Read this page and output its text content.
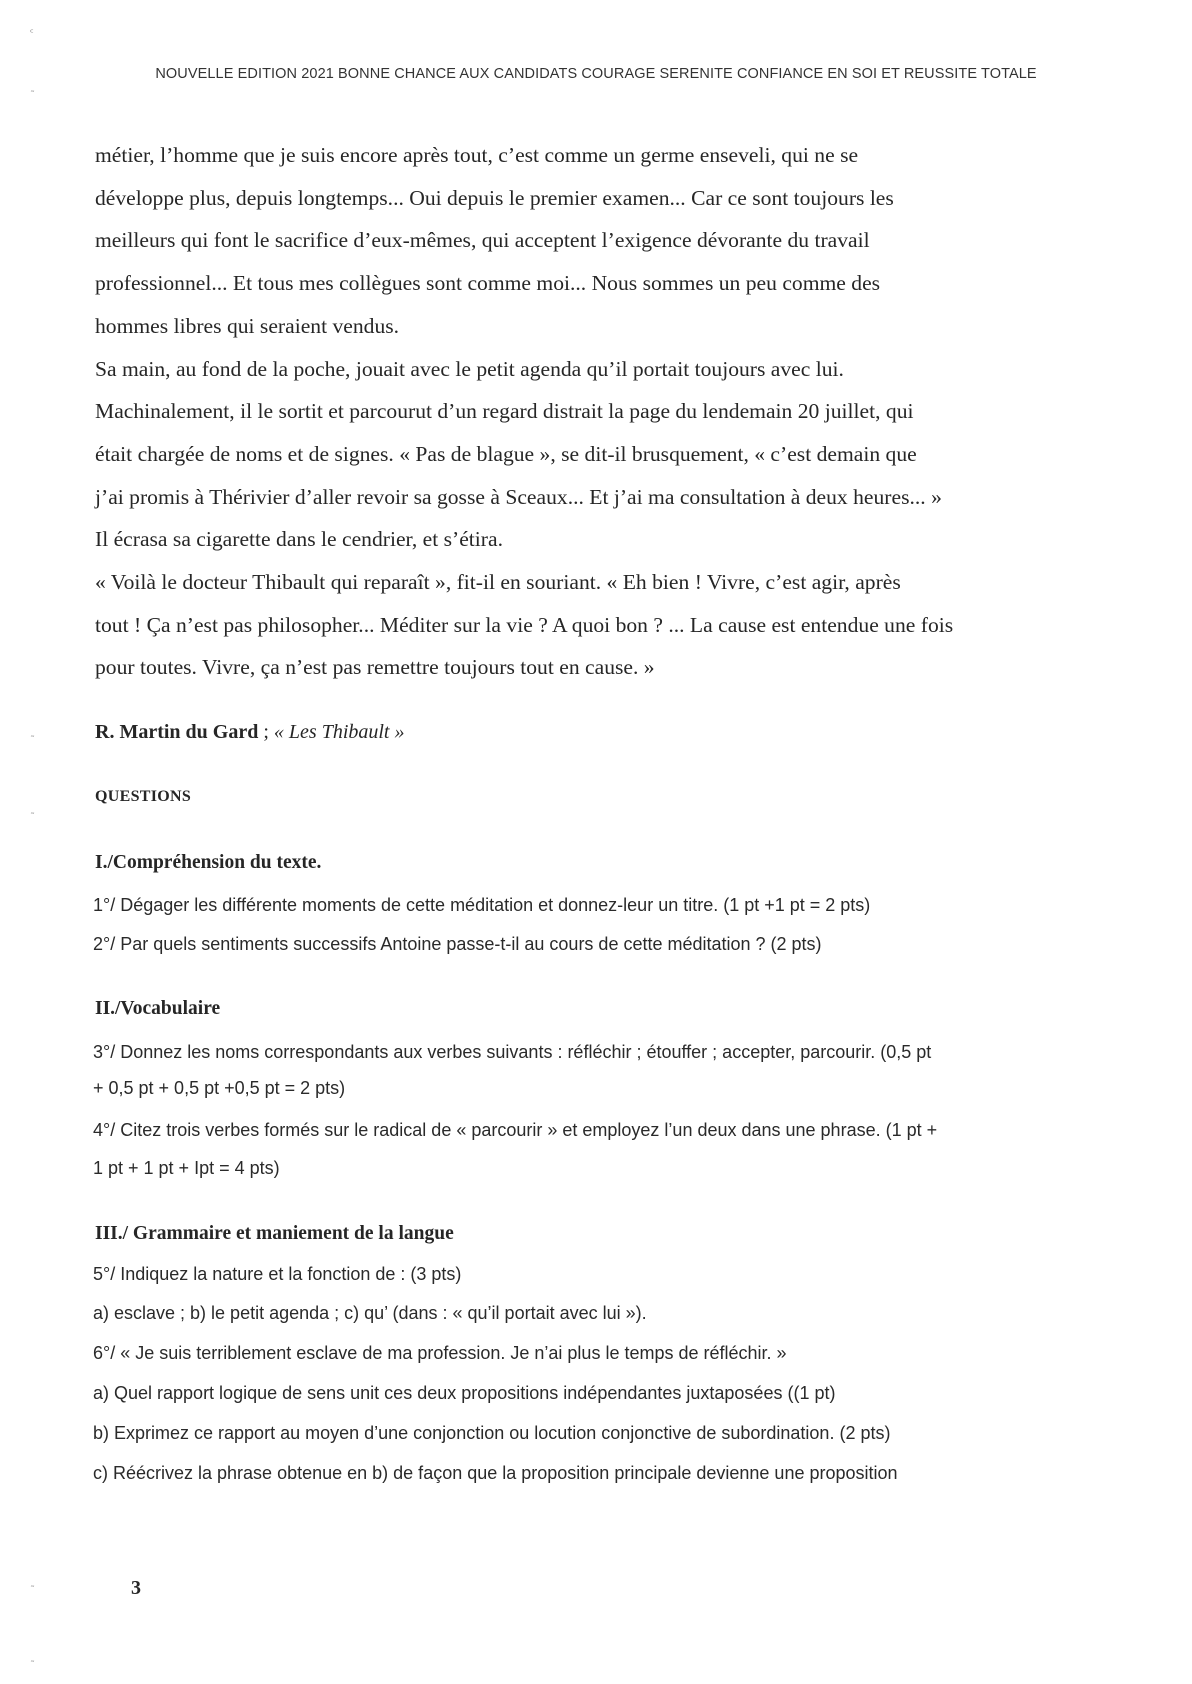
NOUVELLE EDITION 2021 BONNE CHANCE AUX CANDIDATS COURAGE SERENITE CONFIANCE EN SOI ET REUSSITE TOTALE
ᶜ
˜
˜
˜
˜
˜
métier, l’homme que je suis encore après tout, c’est comme un germe enseveli, qui ne se
développe plus, depuis longtemps... Oui depuis le premier examen... Car ce sont toujours les
meilleurs qui font le sacrifice d’eux-mêmes, qui acceptent l’exigence dévorante du travail
professionnel... Et tous mes collègues sont comme moi... Nous sommes un peu comme des
hommes libres qui seraient vendus.
Sa main, au fond de la poche, jouait avec le petit agenda qu’il portait toujours avec lui.
Machinalement, il le sortit et parcourut d’un regard distrait la page du lendemain 20 juillet, qui
était chargée de noms et de signes. « Pas de blague », se dit-il brusquement, « c’est demain que
j’ai promis à Thérivier d’aller revoir sa gosse à Sceaux... Et j’ai ma consultation à deux heures... »
Il écrasa sa cigarette dans le cendrier, et s’étira.
« Voilà le docteur Thibault qui reparaît », fit-il en souriant. « Eh bien ! Vivre, c’est agir, après
tout ! Ça n’est pas philosopher... Méditer sur la vie ? A quoi bon ? ... La cause est entendue une fois
pour toutes. Vivre, ça n’est pas remettre toujours tout en cause. »
R. Martin du Gard ; « Les Thibault »
QUESTIONS
I./Compréhension du texte.
1°/ Dégager les différente moments de cette méditation et donnez-leur un titre. (1 pt +1 pt = 2 pts)
2°/ Par quels sentiments successifs Antoine passe-t-il au cours de cette méditation ? (2 pts)
II./Vocabulaire
3°/ Donnez les noms correspondants aux verbes suivants : réfléchir ; étouffer ; accepter, parcourir. (0,5 pt
+ 0,5 pt + 0,5 pt +0,5 pt = 2 pts)
4°/ Citez trois verbes formés sur le radical de « parcourir » et employez l’un deux dans une phrase. (1 pt +
1 pt + 1 pt + Ipt = 4 pts)
III./ Grammaire et maniement de la langue
5°/ Indiquez la nature et la fonction de : (3 pts)
a) esclave ; b) le petit agenda ; c) qu’ (dans : « qu’il portait avec lui »).
6°/ « Je suis terriblement esclave de ma profession. Je n’ai plus le temps de réfléchir. »
a) Quel rapport logique de sens unit ces deux propositions indépendantes juxtaposées ((1 pt)
b) Exprimez ce rapport au moyen d’une conjonction ou locution conjonctive de subordination. (2 pts)
c) Réécrivez la phrase obtenue en b) de façon que la proposition principale devienne une proposition
3
